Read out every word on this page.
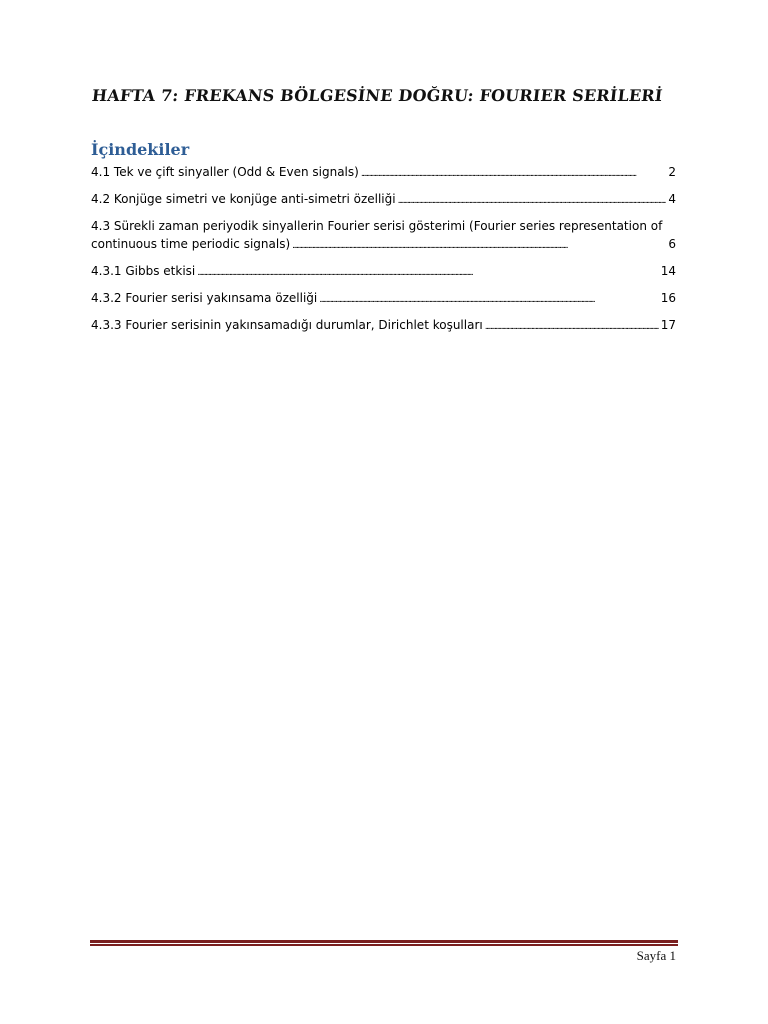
HAFTA 7: FREKANS BÖLGESİNE DOĞRU: FOURIER SERİLERİ
İçindekiler
4.1 Tek ve çift sinyaller (Odd & Even signals) . . .	2
4.2 Konjüge simetri ve konjüge anti-simetri özelliği . . .	4
4.3 Sürekli zaman periyodik sinyallerin Fourier serisi gösterimi (Fourier series representation of
continuous time periodic signals) . . .	6
4.3.1 Gibbs etkisi . . .	14
4.3.2 Fourier serisi yakınsama özelliği . . .	16
4.3.3 Fourier serisinin yakınsamadığı durumlar, Dirichlet koşulları . . .	17
Sayfa 1
